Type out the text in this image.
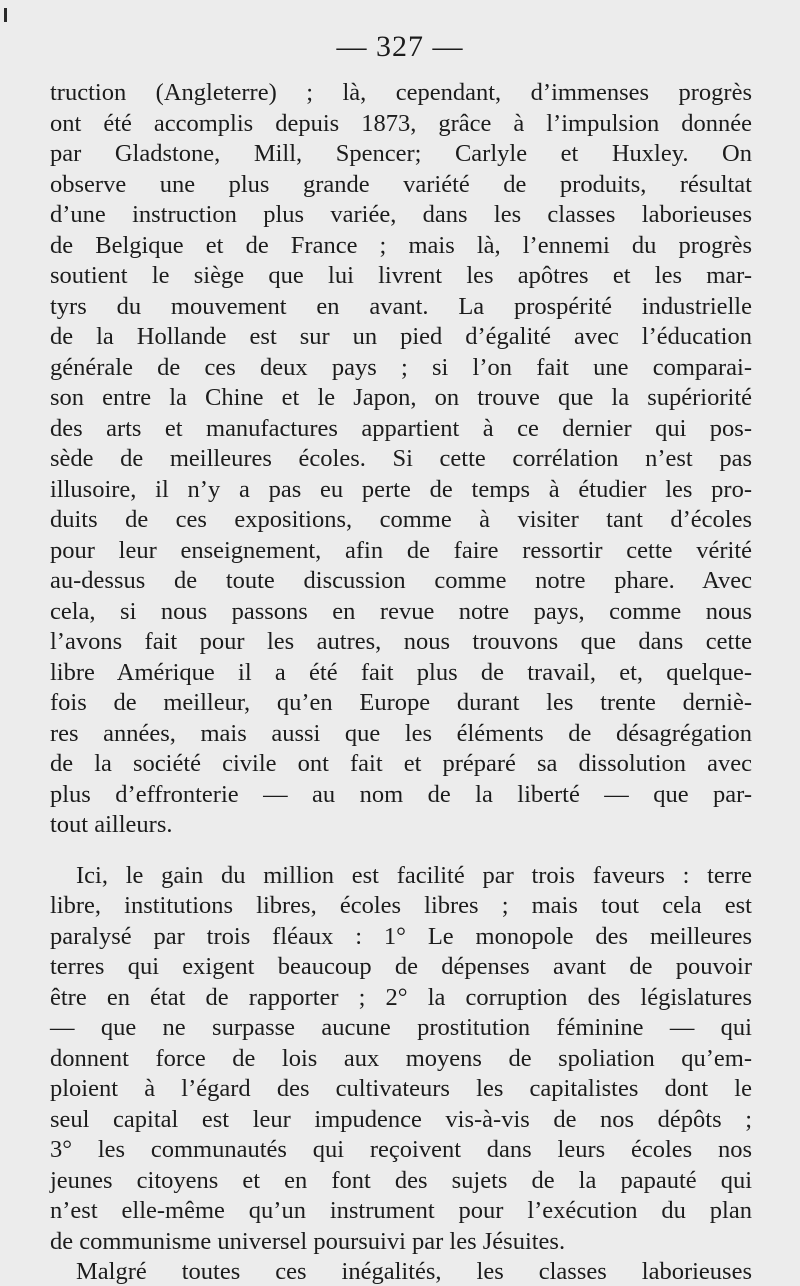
— 327 —
truction (Angleterre) ; là, cependant, d’immenses progrès
ont été accomplis depuis 1873, grâce à l’impulsion donnée
par Gladstone, Mill, Spencer; Carlyle et Huxley. On
observe une plus grande variété de produits, résultat
d’une instruction plus variée, dans les classes laborieuses
de Belgique et de France ; mais là, l’ennemi du progrès
soutient le siège que lui livrent les apôtres et les mar-
tyrs du mouvement en avant. La prospérité industrielle
de la Hollande est sur un pied d’égalité avec l’éducation
générale de ces deux pays ; si l’on fait une comparai-
son entre la Chine et le Japon, on trouve que la supériorité
des arts et manufactures appartient à ce dernier qui pos-
sède de meilleures écoles. Si cette corrélation n’est pas
illusoire, il n’y a pas eu perte de temps à étudier les pro-
duits de ces expositions, comme à visiter tant d’écoles
pour leur enseignement, afin de faire ressortir cette vérité
au-dessus de toute discussion comme notre phare. Avec
cela, si nous passons en revue notre pays, comme nous
l’avons fait pour les autres, nous trouvons que dans cette
libre Amérique il a été fait plus de travail, et, quelque-
fois de meilleur, qu’en Europe durant les trente derniè-
res années, mais aussi que les éléments de désagrégation
de la société civile ont fait et préparé sa dissolution avec
plus d’effronterie — au nom de la liberté — que par-
tout ailleurs.
Ici, le gain du million est facilité par trois faveurs : terre
libre, institutions libres, écoles libres ; mais tout cela est
paralysé par trois fléaux : 1° Le monopole des meilleures
terres qui exigent beaucoup de dépenses avant de pouvoir
être en état de rapporter ; 2° la corruption des législatures
— que ne surpasse aucune prostitution féminine — qui
donnent force de lois aux moyens de spoliation qu’em-
ploient à l’égard des cultivateurs les capitalistes dont le
seul capital est leur impudence vis-à-vis de nos dépôts ;
3° les communautés qui reçoivent dans leurs écoles nos
jeunes citoyens et en font des sujets de la papauté qui
n’est elle-même qu’un instrument pour l’exécution du plan
de communisme universel poursuivi par les Jésuites.
Malgré toutes ces inégalités, les classes laborieuses
